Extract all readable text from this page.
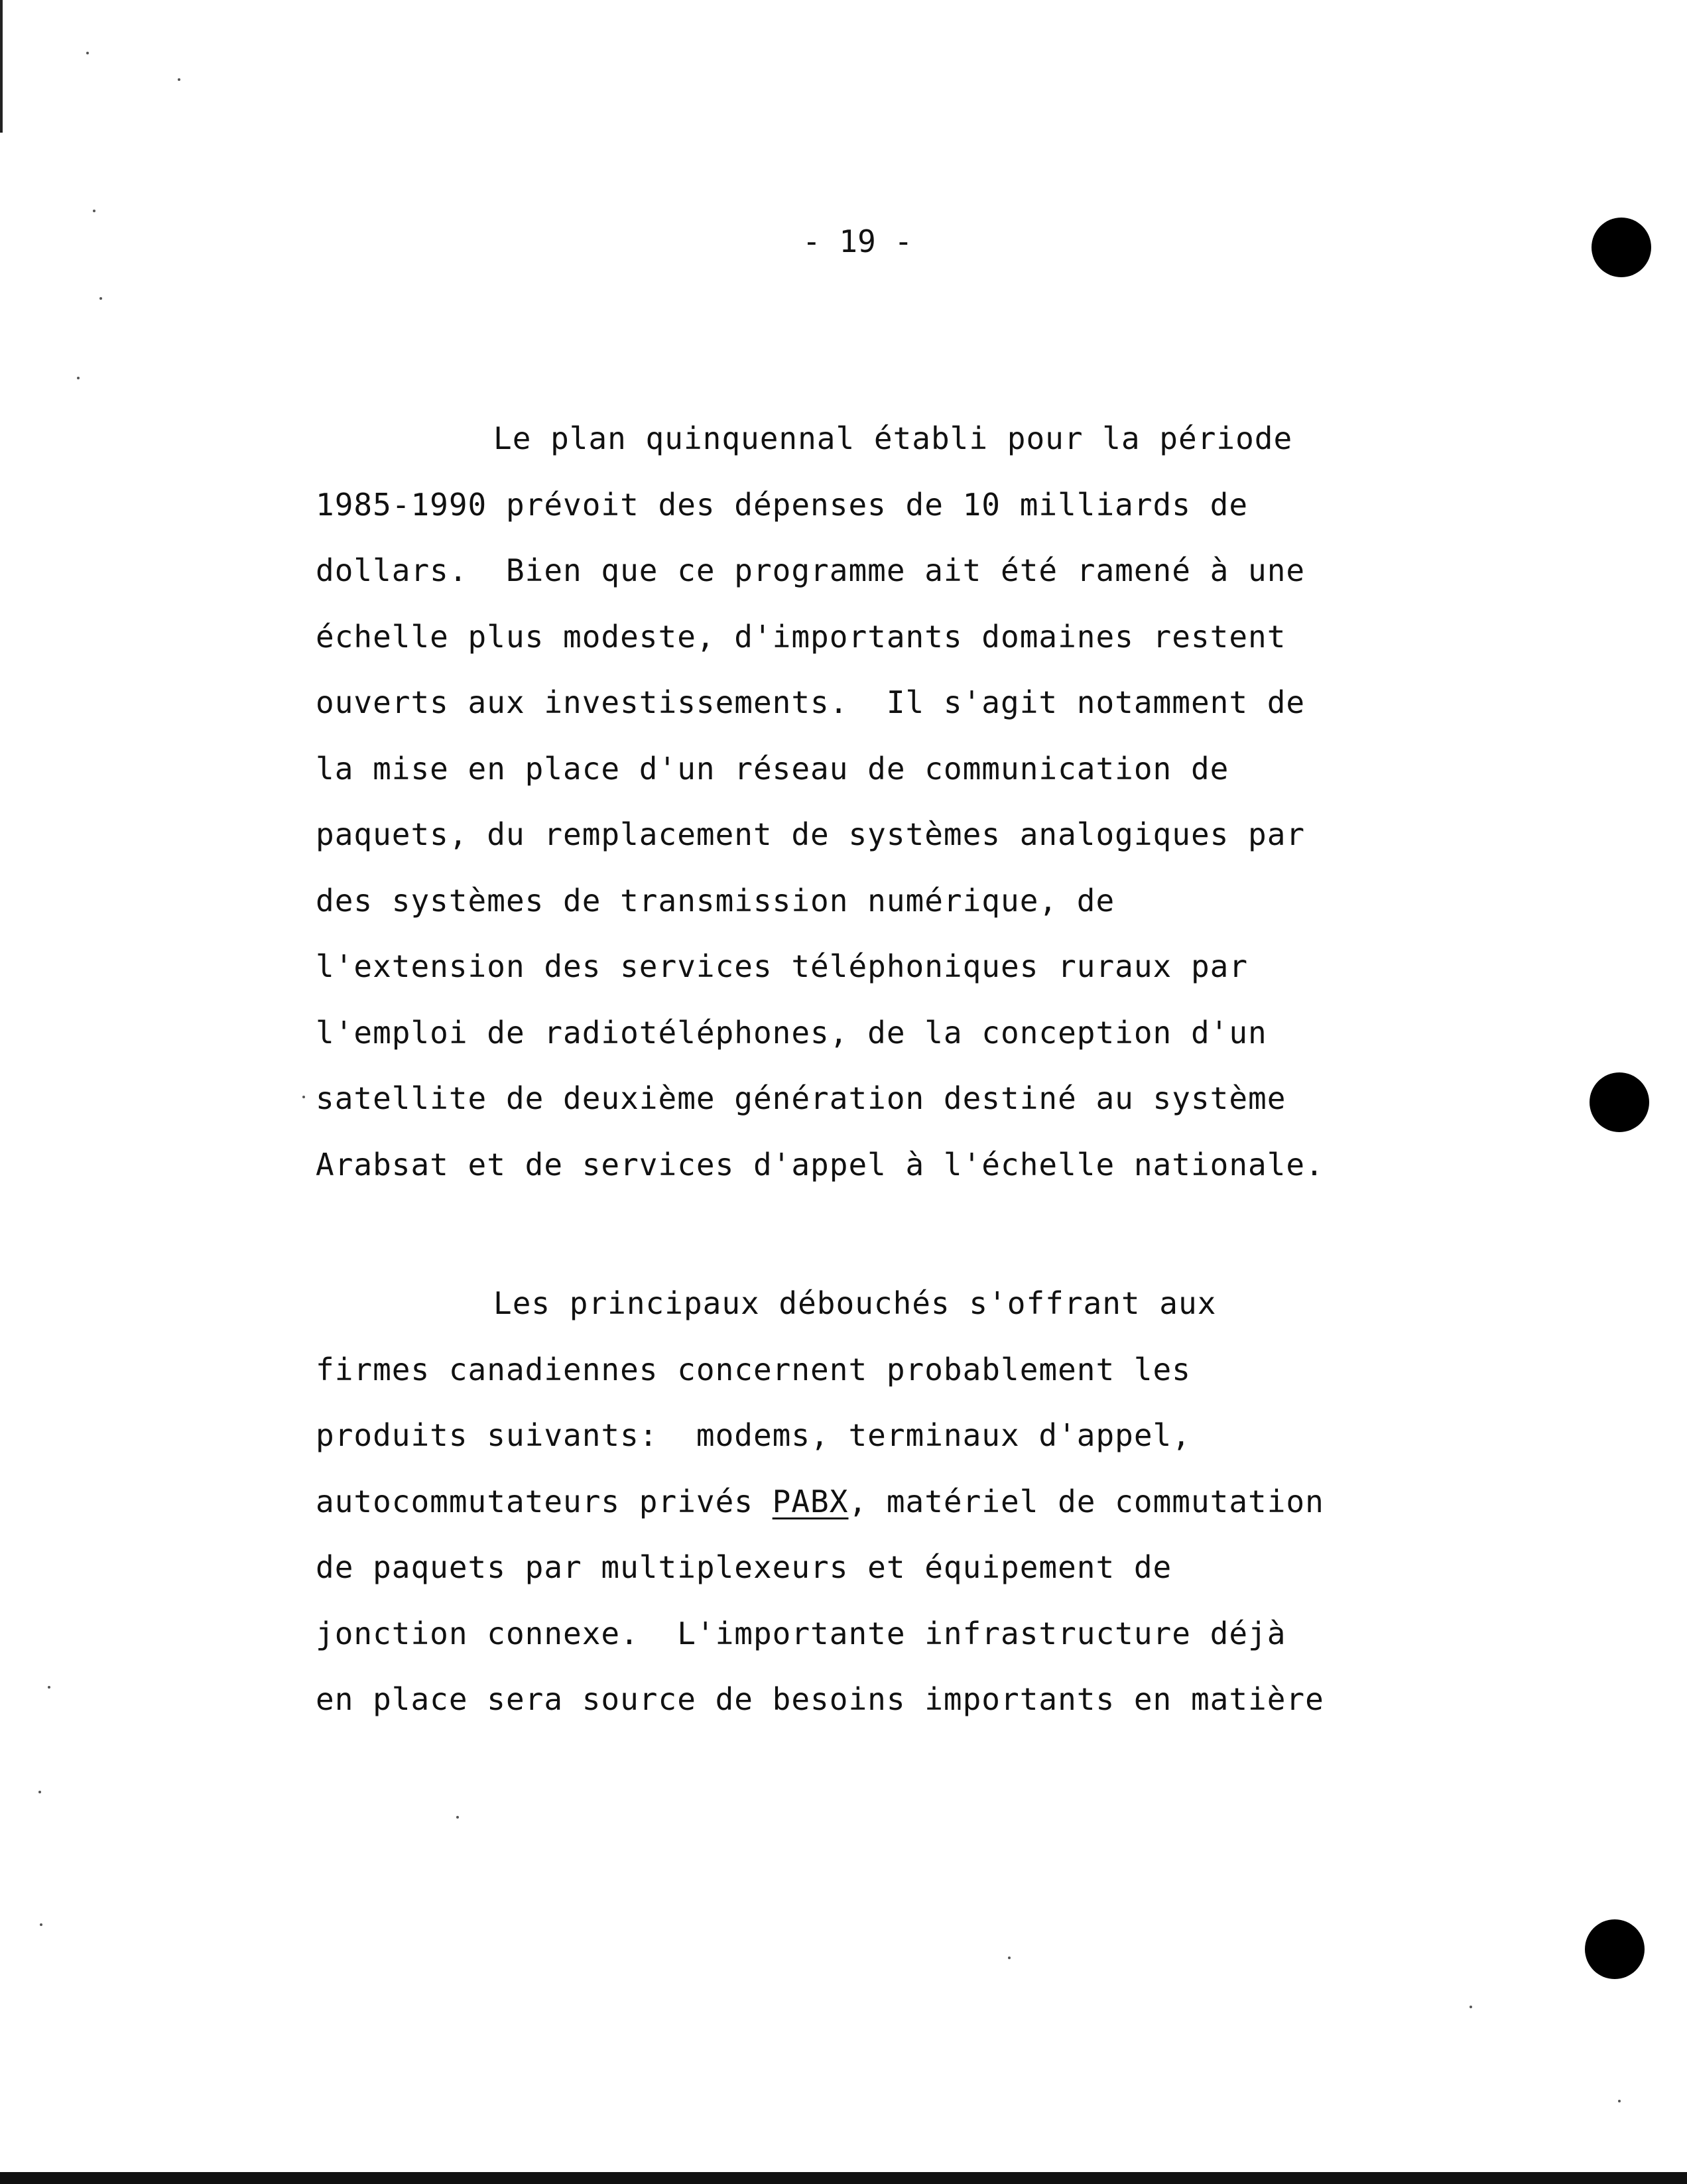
- 19 -
Le plan quinquennal établi pour la période
1985-1990 prévoit des dépenses de 10 milliards de
dollars.  Bien que ce programme ait été ramené à une
échelle plus modeste, d'importants domaines restent
ouverts aux investissements.  Il s'agit notamment de
la mise en place d'un réseau de communication de
paquets, du remplacement de systèmes analogiques par
des systèmes de transmission numérique, de
l'extension des services téléphoniques ruraux par
l'emploi de radiotéléphones, de la conception d'un
satellite de deuxième génération destiné au système
Arabsat et de services d'appel à l'échelle nationale.
Les principaux débouchés s'offrant aux
firmes canadiennes concernent probablement les
produits suivants:  modems, terminaux d'appel,
autocommutateurs privés PABX, matériel de commutation
de paquets par multiplexeurs et équipement de
jonction connexe.  L'importante infrastructure déjà
en place sera source de besoins importants en matière
